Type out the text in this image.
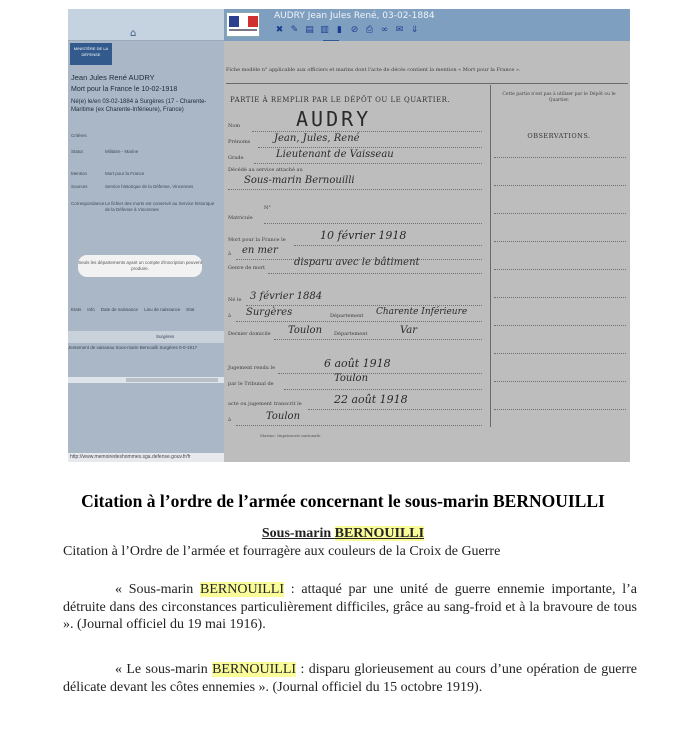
⌂
AUDRY Jean Jules René, 03-02-1884
✖ ✎ ▤ ▥ ▮ ⊘ ⎙ ∞ ✉ ⇓
MINISTÈRE DE LA DÉFENSE
Jean Jules René AUDRY
Mort pour la France le 10-02-1918
Né(e) le/en 03-02-1884 à Surgères (17 - Charente-Maritime (ex Charente-Inférieure), France)
Critères
Statut	Militaire - Marine
Mention	Mort pour la France
Sources	Service historique de la Défense, Vincennes
Correspondance Le fichier des morts est conservé au Service historique de la Défense à Vincennes
Seuls les départements ayant un compte d'inscription peuvent produire.
Etats	Info	Date de naissance	Lieu de naissance	Etat
Surgères
Jentement de vaisseau Sous-marin Bernouilli Surgères 0-0-1917
http://www.memoiredeshommes.sga.defense.gouv.fr/fr
Fiche modèle n° applicable aux officiers et marins dont l'acte de décès contient la mention « Mort pour la France ».
PARTIE À REMPLIR PAR LE DÉPÔT OU LE QUARTIER.
Cette partie n'est pas à utiliser par le Dépôt ou le Quartier.
OBSERVATIONS.
AUDRY
Nom
Prénoms Jean, Jules, René
Grade	Lieutenant de Vaisseau
Décédé au service attaché au
Sous-marin Bernouilli
N°
Matricule
Mort pour la France le	10 février 1918
à en mer
Genre de mort	disparu avec le bâtiment
Né le 3 février 1884
à Surgères	Département Charente Inférieure
Dernier domicile Toulon Département	Var
Jugement rendu le	6 août 1918
par le Tribunal de	Toulon
acte ou jugement transcrit le	22 août 1918
à	Toulon
Marine. Imprimerie nationale.
Citation à l’ordre de l’armée concernant le sous-marin BERNOUILLI
Sous-marin BERNOUILLI
Citation à l’Ordre de l’armée et fourragère aux couleurs de la Croix de Guerre
« Sous-marin BERNOUILLI : attaqué par une unité de guerre ennemie importante, l’a détruite dans des circonstances particulièrement difficiles, grâce au sang-froid et à la bravoure de tous ». (Journal officiel du 19 mai 1916).
« Le sous-marin BERNOUILLI : disparu glorieusement au cours d’une opération de guerre délicate devant les côtes ennemies ». (Journal officiel du 15 octobre 1919).
